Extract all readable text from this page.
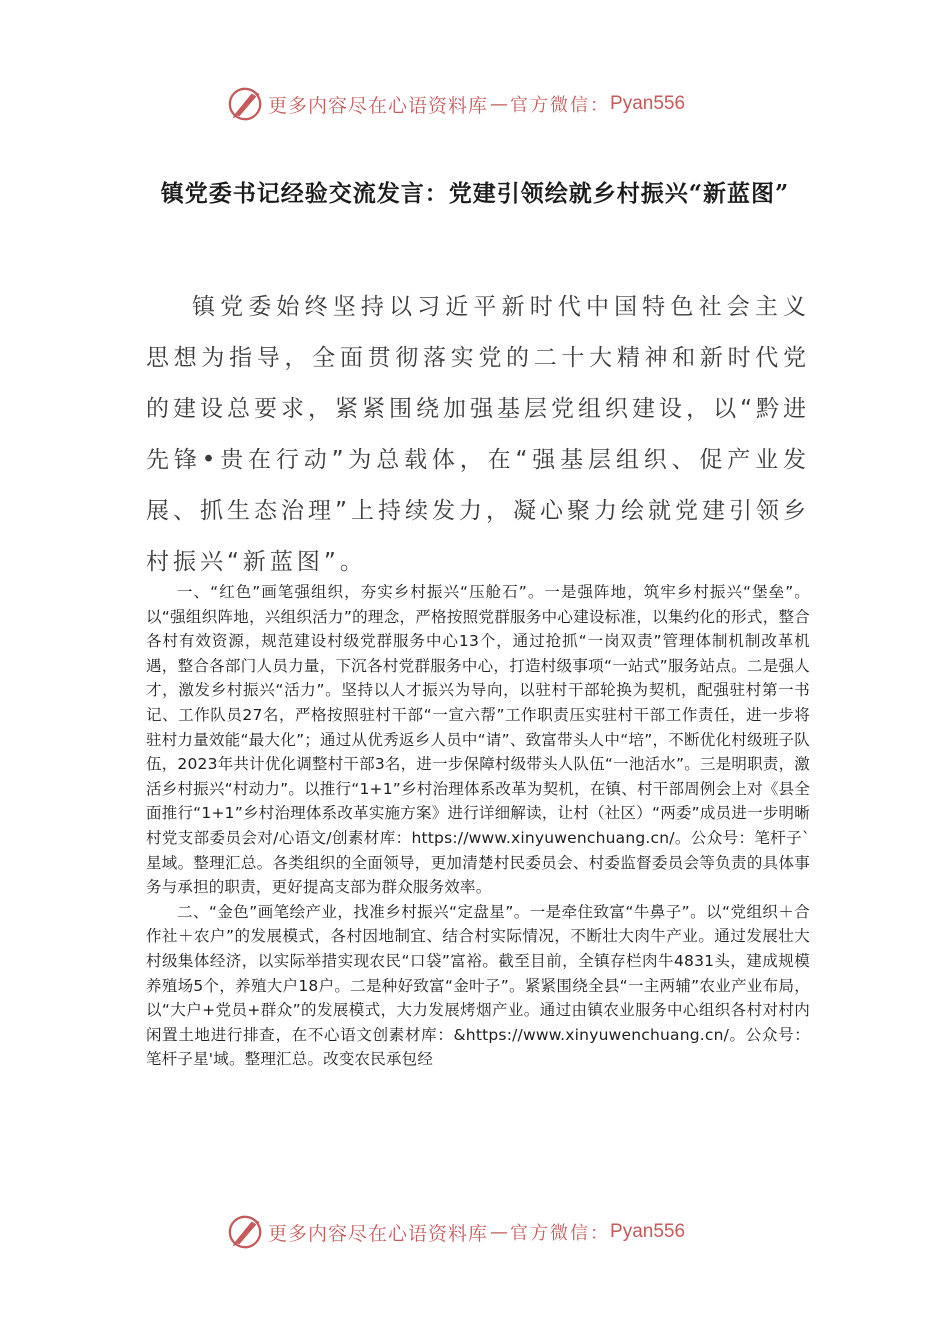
更多内容尽在心语资料库 — 官方微信： Pyan556
镇党委书记经验交流发言：党建引领绘就乡村振兴“新蓝图”

镇党委始终坚持以习近平新时代中国特色社会主义思想为指导，全面贯彻落实党的二十大精神和新时代党的建设总要求，紧紧围绕加强基层党组织建设，以“黔进先锋•贵在行动”为总载体，在“强基层组织、促产业发展、抓生态治理”上持续发力，凝心聚力绘就党建引领乡村振兴“新蓝图”。

一、“红色”画笔强组织，夯实乡村振兴“压舱石”。一是强阵地，筑牢乡村振兴“堡垒”。以“强组织阵地，兴组织活力”的理念，严格按照党群服务中心建设标准，以集约化的形式，整合各村有效资源，规范建设村级党群服务中心13个，通过抢抓“一岗双责”管理体制机制改革机遇，整合各部门人员力量，下沉各村党群服务中心，打造村级事项“一站式”服务站点。二是强人才，激发乡村振兴“活力”。坚持以人才振兴为导向，以驻村干部轮换为契机，配强驻村第一书记、工作队员27名，严格按照驻村干部“一宣六帮”工作职责压实驻村干部工作责任，进一步将驻村力量效能“最大化”；通过从优秀返乡人员中“请”、致富带头人中“培”，不断优化村级班子队伍，2023年共计优化调整村干部3名，进一步保障村级带头人队伍“一池活水”。三是明职责，激活乡村振兴“村动力”。以推行“1+1”乡村治理体系改革为契机，在镇、村干部周例会上对《县全面推行“1+1”乡村治理体系改革实施方案》进行详细解读，让村（社区）“两委”成员进一步明晰村党支部委员会对/心语文/创素材库：https://www.xinyuwenchuang.cn/。公众号：笔杆子`星域。整理汇总。各类组织的全面领导，更加清楚村民委员会、村委监督委员会等负责的具体事务与承担的职责，更好提高支部为群众服务效率。

二、“金色”画笔绘产业，找准乡村振兴“定盘星”。一是牵住致富“牛鼻子”。以“党组织＋合作社＋农户”的发展模式，各村因地制宜、结合村实际情况，不断壮大肉牛产业。通过发展壮大村级集体经济，以实际举措实现农民“口袋”富裕。截至目前，全镇存栏肉牛4831头，建成规模养殖场5个，养殖大户18户。二是种好致富“金叶子”。紧紧围绕全县“一主两辅”农业产业布局，以“大户+党员+群众”的发展模式，大力发展烤烟产业。通过由镇农业服务中心组织各村对村内闲置土地进行排查，在不心语文创素材库：&https://www.xinyuwenchuang.cn/。公众号：笔杆子星'域。整理汇总。改变农民承包经

更多内容尽在心语资料库 — 官方微信： Pyan556
